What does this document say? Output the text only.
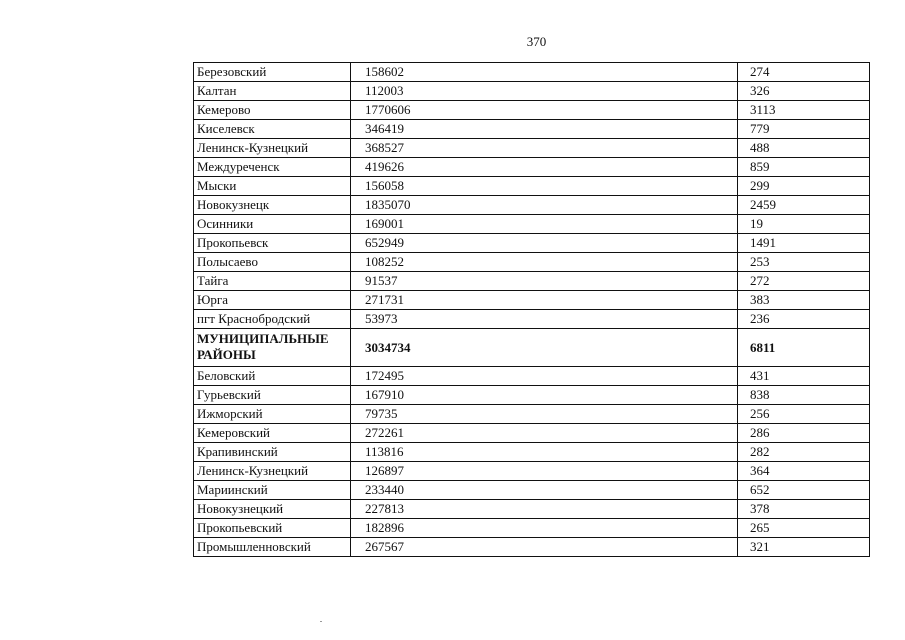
370
Березовский	158602	274
Калтан	112003	326
Кемерово	1770606	3113
Киселевск	346419	779
Ленинск-Кузнецкий	368527	488
Междуреченск	419626	859
Мыски	156058	299
Новокузнецк	1835070	2459
Осинники	169001	19
Прокопьевск	652949	1491
Полысаево	108252	253
Тайга	91537	272
Юрга	271731	383
пгт Краснобродский	53973	236
МУНИЦИПАЛЬНЫЕ РАЙОНЫ	3034734	6811
Беловский	172495	431
Гурьевский	167910	838
Ижморский	79735	256
Кемеровский	272261	286
Крапивинский	113816	282
Ленинск-Кузнецкий	126897	364
Мариинский	233440	652
Новокузнецкий	227813	378
Прокопьевский	182896	265
Промышленновский	267567	321
